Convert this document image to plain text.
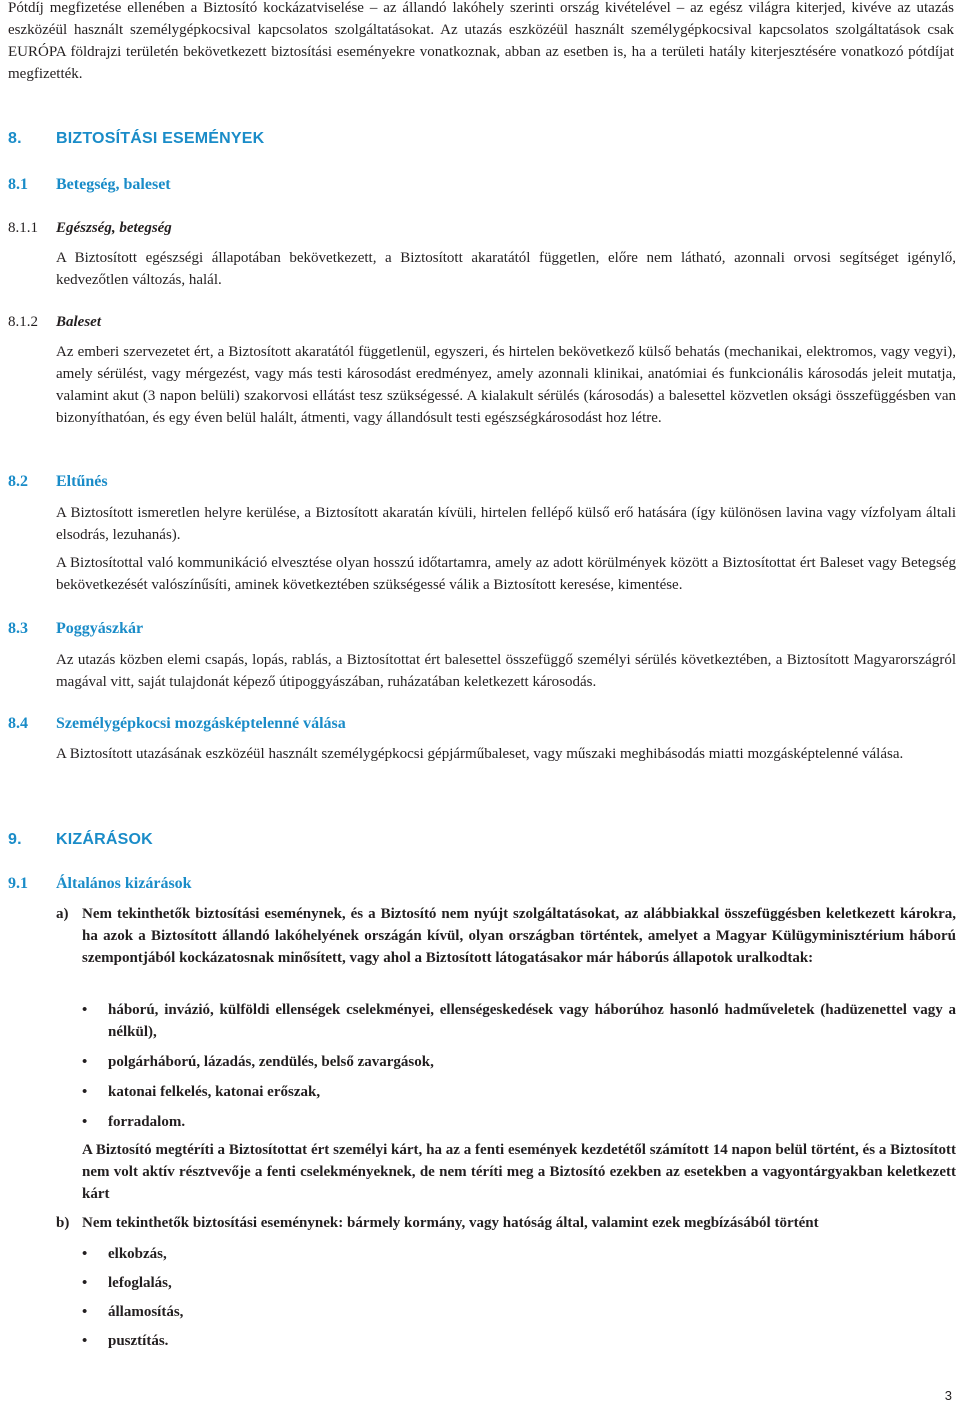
Pótdíj megfizetése ellenében a Biztosító kockázatviselése – az állandó lakóhely szerinti ország kivételével – az egész világra kiterjed, kivéve az utazás eszközéül használt személygépkocsival kapcsolatos szolgáltatásokat. Az utazás eszközéül használt személygépkocsival kapcsolatos szolgáltatások csak EURÓPA földrajzi területén bekövetkezett biztosítási eseményekre vonatkoznak, abban az esetben is, ha a területi hatály kiterjesztésére vonatkozó pótdíjat megfizették.

8. BIZTOSÍTÁSI ESEMÉNYEK
8.1 Betegség, baleset
8.1.1 Egészség, betegség

A Biztosított egészségi állapotában bekövetkezett, a Biztosított akaratától független, előre nem látható, azonnali orvosi segítséget igénylő, kedvezőtlen változás, halál.

8.1.2 Baleset

Az emberi szervezetet ért, a Biztosított akaratától függetlenül, egyszeri, és hirtelen bekövetkező külső behatás (mechanikai, elektromos, vagy vegyi), amely sérülést, vagy mérgezést, vagy más testi károsodást eredményez, amely azonnali klinikai, anatómiai és funkcionális károsodás jeleit mutatja, valamint akut (3 napon belüli) szakorvosi ellátást tesz szükségessé. A kialakult sérülés (károsodás) a balesettel közvetlen oksági összefüggésben van bizonyíthatóan, és egy éven belül halált, átmenti, vagy állandósult testi egészségkárosodást hoz létre.

8.2 Eltűnés

A Biztosított ismeretlen helyre kerülése, a Biztosított akaratán kívüli, hirtelen fellépő külső erő hatására (így különösen lavina vagy vízfolyam általi elsodrás, lezuhanás).

A Biztosítottal való kommunikáció elvesztése olyan hosszú időtartamra, amely az adott körülmények között a Biztosítottat ért Baleset vagy Betegség bekövetkezését valószínűsíti, aminek következtében szükségessé válik a Biztosított keresése, kimentése.

8.3 Poggyászkár

Az utazás közben elemi csapás, lopás, rablás, a Biztosítottat ért balesettel összefüggő személyi sérülés következtében, a Biztosított Magyarországról magával vitt, saját tulajdonát képező útipoggyászában, ruházatában keletkezett károsodás.

8.4 Személygépkocsi mozgásképtelenné válása

A Biztosított utazásának eszközéül használt személygépkocsi gépjárműbaleset, vagy műszaki meghibásodás miatti mozgásképtelenné válása.

9. KIZÁRÁSOK
9.1 Általános kizárások
a) Nem tekinthetők biztosítási eseménynek, és a Biztosító nem nyújt szolgáltatásokat, az alábbiakkal összefüggésben keletkezett károkra, ha azok a Biztosított állandó lakóhelyének országán kívül, olyan országban történtek, amelyet a Magyar Külügyminisztérium háború szempontjából kockázatosnak minősített, vagy ahol a Biztosított látogatásakor már háborús állapotok uralkodtak:

• háború, invázió, külföldi ellenségek cselekményei, ellenségeskedések vagy háborúhoz hasonló hadműveletek (hadüzenettel vagy a nélkül),
• polgárháború, lázadás, zendülés, belső zavargások,
• katonai felkelés, katonai erőszak,
• forradalom.

A Biztosító megtéríti a Biztosítottat ért személyi kárt, ha az a fenti események kezdetétől számított 14 napon belül történt, és a Biztosított nem volt aktív résztvevője a fenti cselekményeknek, de nem téríti meg a Biztosító ezekben az esetekben a vagyontárgyakban keletkezett kárt

b) Nem tekinthetők biztosítási eseménynek: bármely kormány, vagy hatóság által, valamint ezek megbízásából történt

• elkobzás,
• lefoglalás,
• államosítás,
• pusztítás.
3
